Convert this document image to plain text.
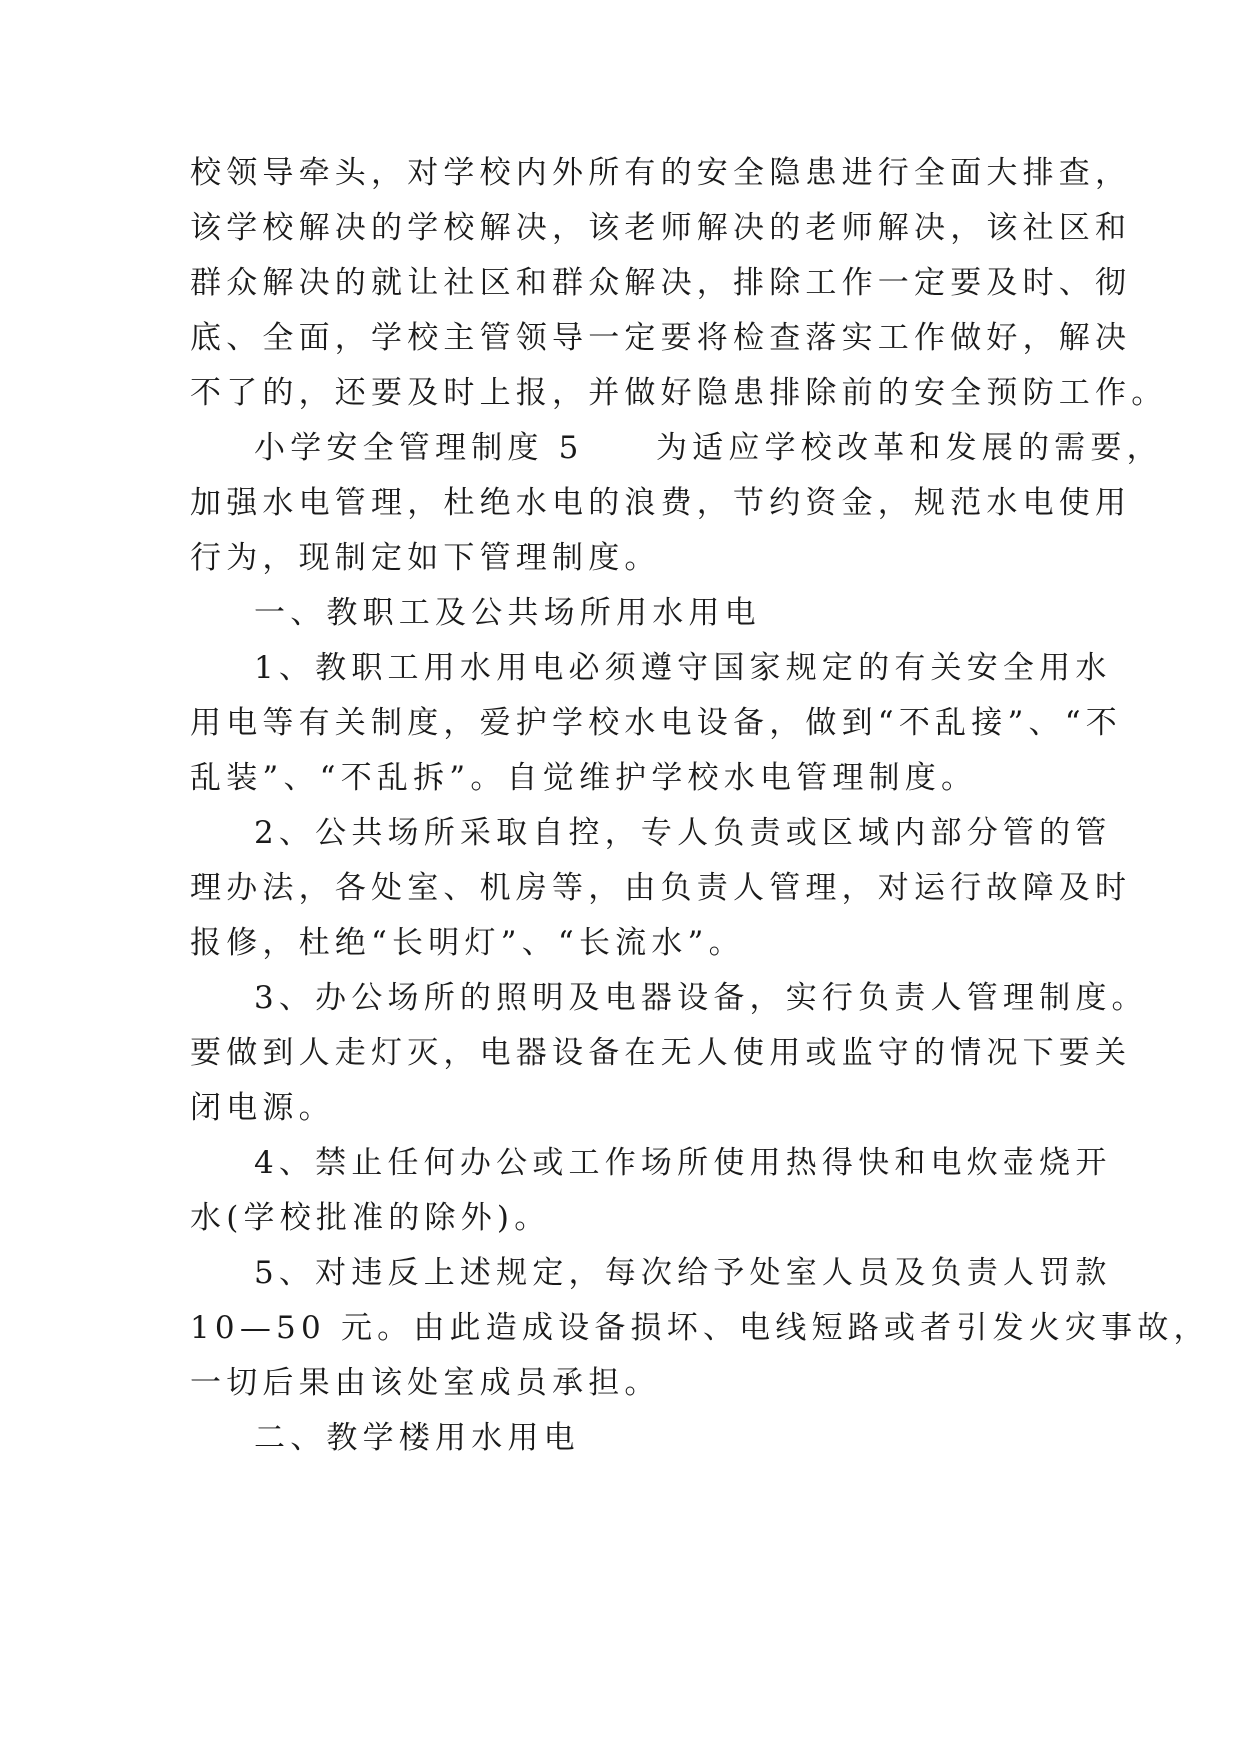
校领导牵头，对学校内外所有的安全隐患进行全面大排查，
该学校解决的学校解决，该老师解决的老师解决，该社区和
群众解决的就让社区和群众解决，排除工作一定要及时、彻
底、全面，学校主管领导一定要将检查落实工作做好，解决
不了的，还要及时上报，并做好隐患排除前的安全预防工作。
小学安全管理制度 5　　为适应学校改革和发展的需要，
加强水电管理，杜绝水电的浪费，节约资金，规范水电使用
行为，现制定如下管理制度。
一、教职工及公共场所用水用电
1、教职工用水用电必须遵守国家规定的有关安全用水
用电等有关制度，爱护学校水电设备，做到“不乱接”、“不
乱装”、“不乱拆”。自觉维护学校水电管理制度。
2、公共场所采取自控，专人负责或区域内部分管的管
理办法，各处室、机房等，由负责人管理，对运行故障及时
报修，杜绝“长明灯”、“长流水”。
3、办公场所的照明及电器设备，实行负责人管理制度。
要做到人走灯灭，电器设备在无人使用或监守的情况下要关
闭电源。
4、禁止任何办公或工作场所使用热得快和电炊壶烧开
水(学校批准的除外)。
5、对违反上述规定，每次给予处室人员及负责人罚款
10—50 元。由此造成设备损坏、电线短路或者引发火灾事故，
一切后果由该处室成员承担。
二、教学楼用水用电
